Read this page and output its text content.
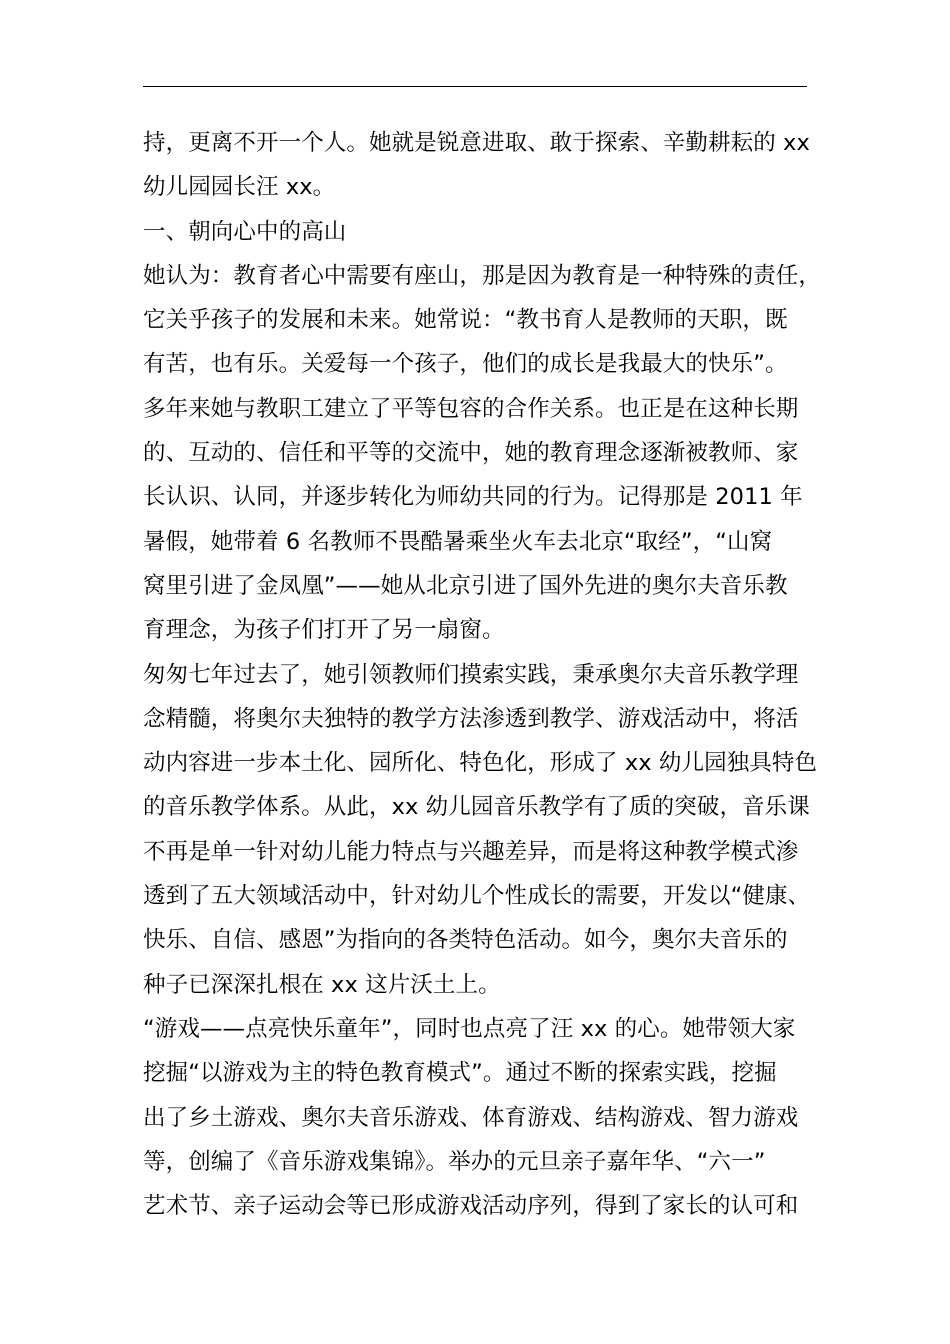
持，更离不开一个人。她就是锐意进取、敢于探索、辛勤耕耘的 xx
幼儿园园长汪 xx。
一、朝向心中的高山
她认为：教育者心中需要有座山，那是因为教育是一种特殊的责任，
它关乎孩子的发展和未来。她常说：“教书育人是教师的天职，既
有苦，也有乐。关爱每一个孩子，他们的成长是我最大的快乐”。
多年来她与教职工建立了平等包容的合作关系。也正是在这种长期
的、互动的、信任和平等的交流中，她的教育理念逐渐被教师、家
长认识、认同，并逐步转化为师幼共同的行为。记得那是 2011 年
暑假，她带着 6 名教师不畏酷暑乘坐火车去北京“取经”，“山窝
窝里引进了金凤凰”——她从北京引进了国外先进的奥尔夫音乐教
育理念，为孩子们打开了另一扇窗。
匆匆七年过去了，她引领教师们摸索实践，秉承奥尔夫音乐教学理
念精髓，将奥尔夫独特的教学方法渗透到教学、游戏活动中，将活
动内容进一步本土化、园所化、特色化，形成了 xx 幼儿园独具特色
的音乐教学体系。从此，xx 幼儿园音乐教学有了质的突破，音乐课
不再是单一针对幼儿能力特点与兴趣差异，而是将这种教学模式渗
透到了五大领域活动中，针对幼儿个性成长的需要，开发以“健康、
快乐、自信、感恩”为指向的各类特色活动。如今，奥尔夫音乐的
种子已深深扎根在 xx 这片沃土上。
“游戏——点亮快乐童年”，同时也点亮了汪 xx 的心。她带领大家
挖掘“以游戏为主的特色教育模式”。通过不断的探索实践，挖掘
出了乡土游戏、奥尔夫音乐游戏、体育游戏、结构游戏、智力游戏
等，创编了《音乐游戏集锦》。举办的元旦亲子嘉年华、“六一”
艺术节、亲子运动会等已形成游戏活动序列，得到了家长的认可和
